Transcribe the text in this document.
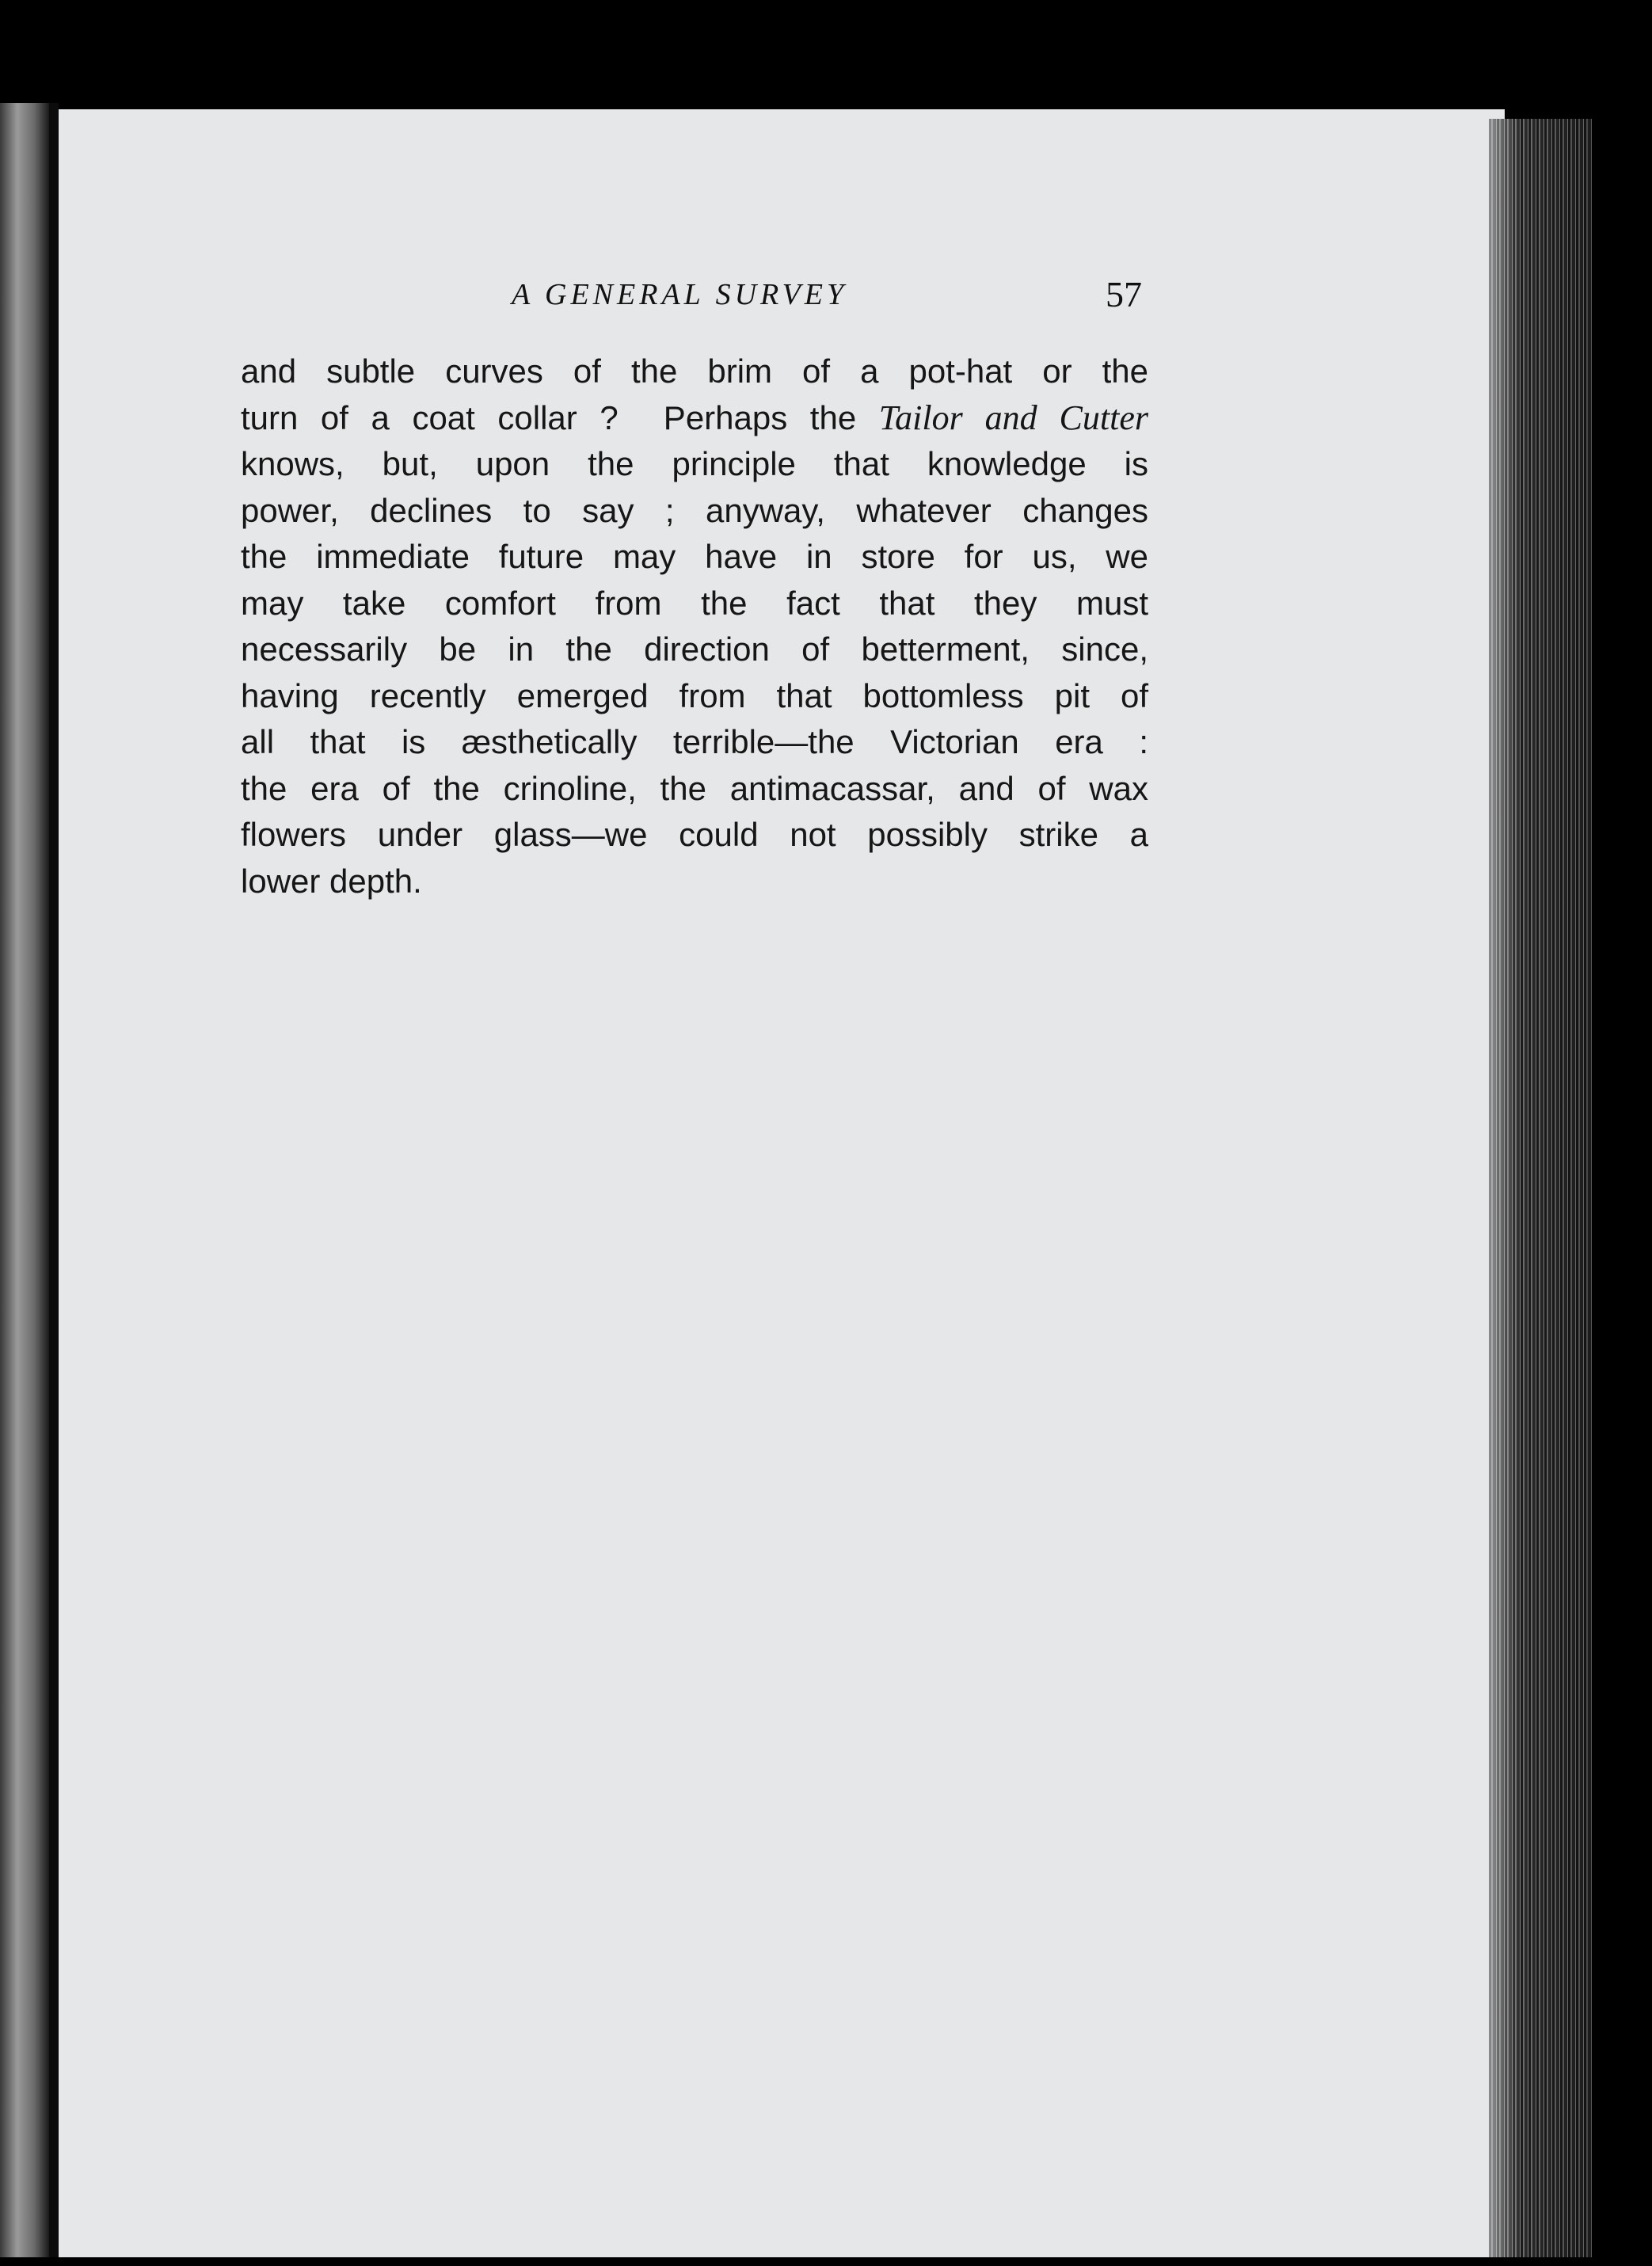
A GENERAL SURVEY	57
and subtle curves of the brim of a pot-hat or the
turn of a coat collar ?  Perhaps the Tailor and Cutter
knows, but, upon the principle that knowledge is
power, declines to say ; anyway, whatever changes
the immediate future may have in store for us, we
may take comfort from the fact that they must
necessarily be in the direction of betterment, since,
having recently emerged from that bottomless pit of
all that is æsthetically terrible—the Victorian era :
the era of the crinoline, the antimacassar, and of wax
flowers under glass—we could not possibly strike a
lower depth.
